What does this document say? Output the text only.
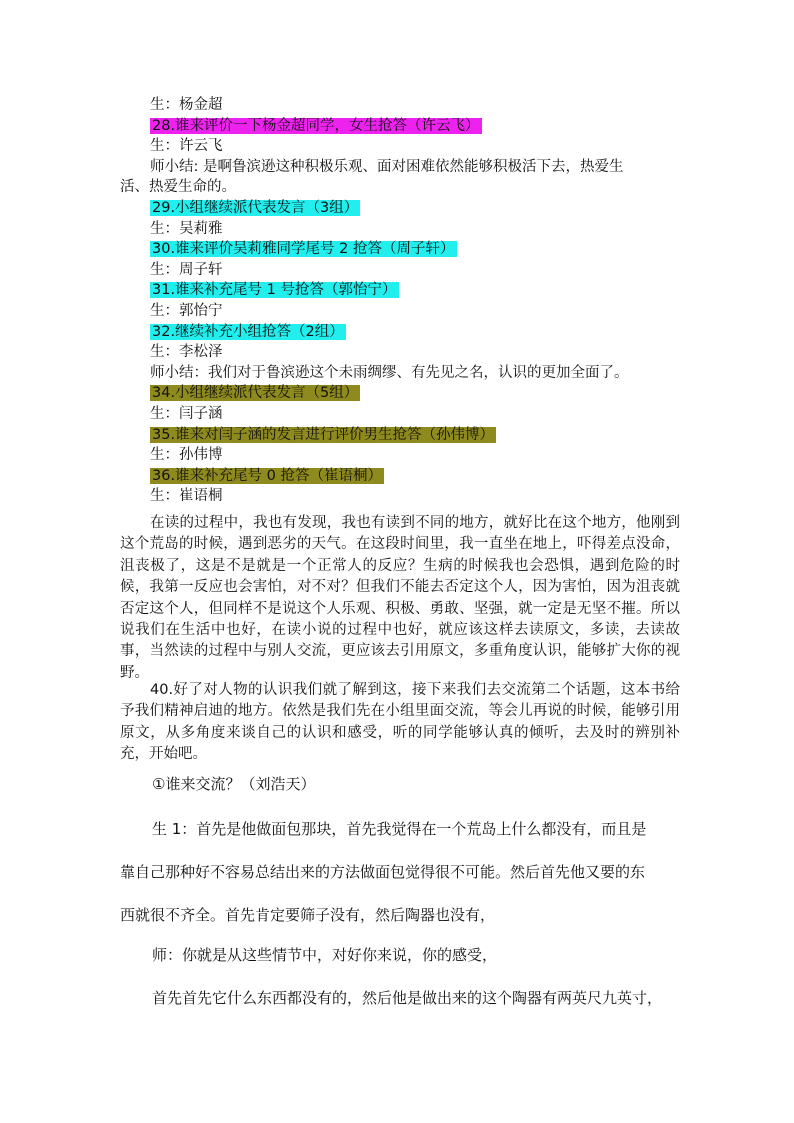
生：杨金超
28.谁来评价一下杨金超同学，女生抢答（许云飞）
生：许云飞
师小结: 是啊鲁滨逊这种积极乐观、面对困难依然能够积极活下去，热爱生
活、热爱生命的。
29.小组继续派代表发言（3组）
生：吴莉雅
30.谁来评价吴莉雅同学尾号 2 抢答（周子轩）
生：周子轩
31.谁来补充尾号 1 号抢答（郭怡宁）
生：郭怡宁
32.继续补充小组抢答（2组）
生：李松泽
师小结：我们对于鲁滨逊这个未雨绸缪、有先见之名，认识的更加全面了。
34.小组继续派代表发言（5组）
生：闫子涵
35.谁来对闫子涵的发言进行评价男生抢答（孙伟博）
生：孙伟博
36.谁来补充尾号 0 抢答（崔语桐）
生：崔语桐

在读的过程中，我也有发现，我也有读到不同的地方，就好比在这个地方，他刚到这个荒岛的时候，遇到恶劣的天气。在这段时间里，我一直坐在地上，吓得差点没命，沮丧极了，这是不是就是一个正常人的反应？生病的时候我也会恐惧，遇到危险的时候，我第一反应也会害怕，对不对？但我们不能去否定这个人，因为害怕，因为沮丧就否定这个人，但同样不是说这个人乐观、积极、勇敢、坚强，就一定是无坚不摧。所以说我们在生活中也好，在读小说的过程中也好，就应该这样去读原文，多读，去读故事，当然读的过程中与别人交流，更应该去引用原文，多重角度认识，能够扩大你的视野。

40.好了对人物的认识我们就了解到这，接下来我们去交流第二个话题，这本书给予我们精神启迪的地方。依然是我们先在小组里面交流，等会儿再说的时候，能够引用原文，从多角度来谈自己的认识和感受，听的同学能够认真的倾听，去及时的辨别补充，开始吧。

①谁来交流？（刘浩天）
生 1：首先是他做面包那块，首先我觉得在一个荒岛上什么都没有，而且是
靠自己那种好不容易总结出来的方法做面包觉得很不可能。然后首先他又要的东
西就很不齐全。首先肯定要筛子没有，然后陶器也没有，
师：你就是从这些情节中，对好你来说，你的感受，
首先首先它什么东西都没有的，然后他是做出来的这个陶器有两英尺九英寸，
